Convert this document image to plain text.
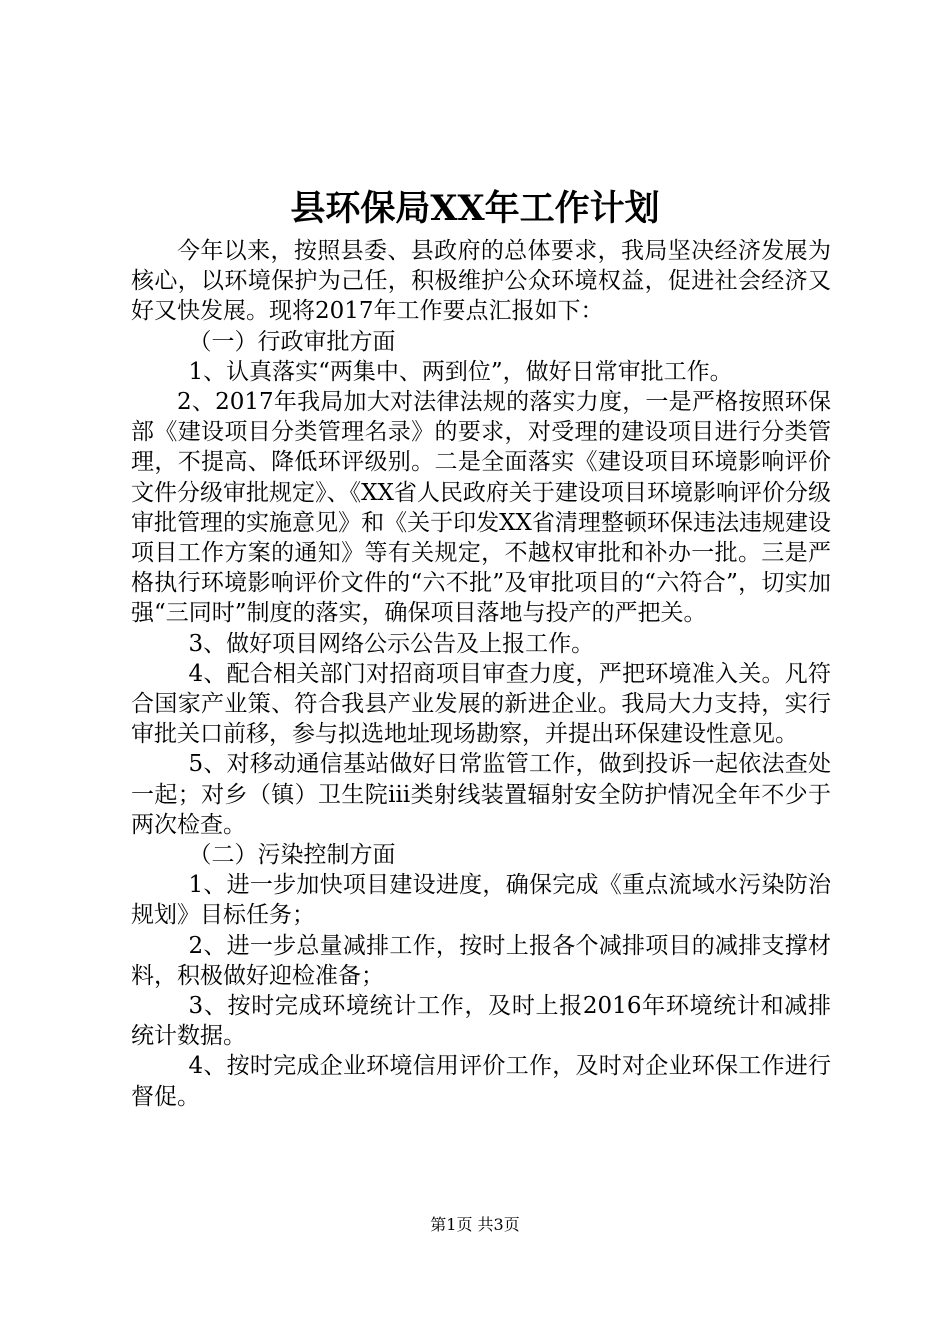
县环保局XX年工作计划

今年以来，按照县委、县政府的总体要求，我局坚决经济发展为核心，以环境保护为己任，积极维护公众环境权益，促进社会经济又好又快发展。现将2017年工作要点汇报如下：

（一）行政审批方面

1、认真落实“两集中、两到位”，做好日常审批工作。

2、2017年我局加大对法律法规的落实力度，一是严格按照环保部《建设项目分类管理名录》的要求，对受理的建设项目进行分类管理，不提高、降低环评级别。二是全面落实《建设项目环境影响评价文件分级审批规定》、《XX省人民政府关于建设项目环境影响评价分级审批管理的实施意见》和《关于印发XX省清理整顿环保违法违规建设项目工作方案的通知》等有关规定，不越权审批和补办一批。三是严格执行环境影响评价文件的“六不批”及审批项目的“六符合”，切实加强“三同时”制度的落实，确保项目落地与投产的严把关。

3、做好项目网络公示公告及上报工作。

4、配合相关部门对招商项目审查力度，严把环境准入关。凡符合国家产业策、符合我县产业发展的新进企业。我局大力支持，实行审批关口前移，参与拟选地址现场勘察，并提出环保建设性意见。

5、对移动通信基站做好日常监管工作，做到投诉一起依法查处一起；对乡（镇）卫生院iii类射线装置辐射安全防护情况全年不少于两次检查。

（二）污染控制方面

1、进一步加快项目建设进度，确保完成《重点流域水污染防治规划》目标任务；

2、进一步总量减排工作，按时上报各个减排项目的减排支撑材料，积极做好迎检准备；

3、按时完成环境统计工作，及时上报2016年环境统计和减排统计数据。

4、按时完成企业环境信用评价工作，及时对企业环保工作进行督促。

第1页 共3页
